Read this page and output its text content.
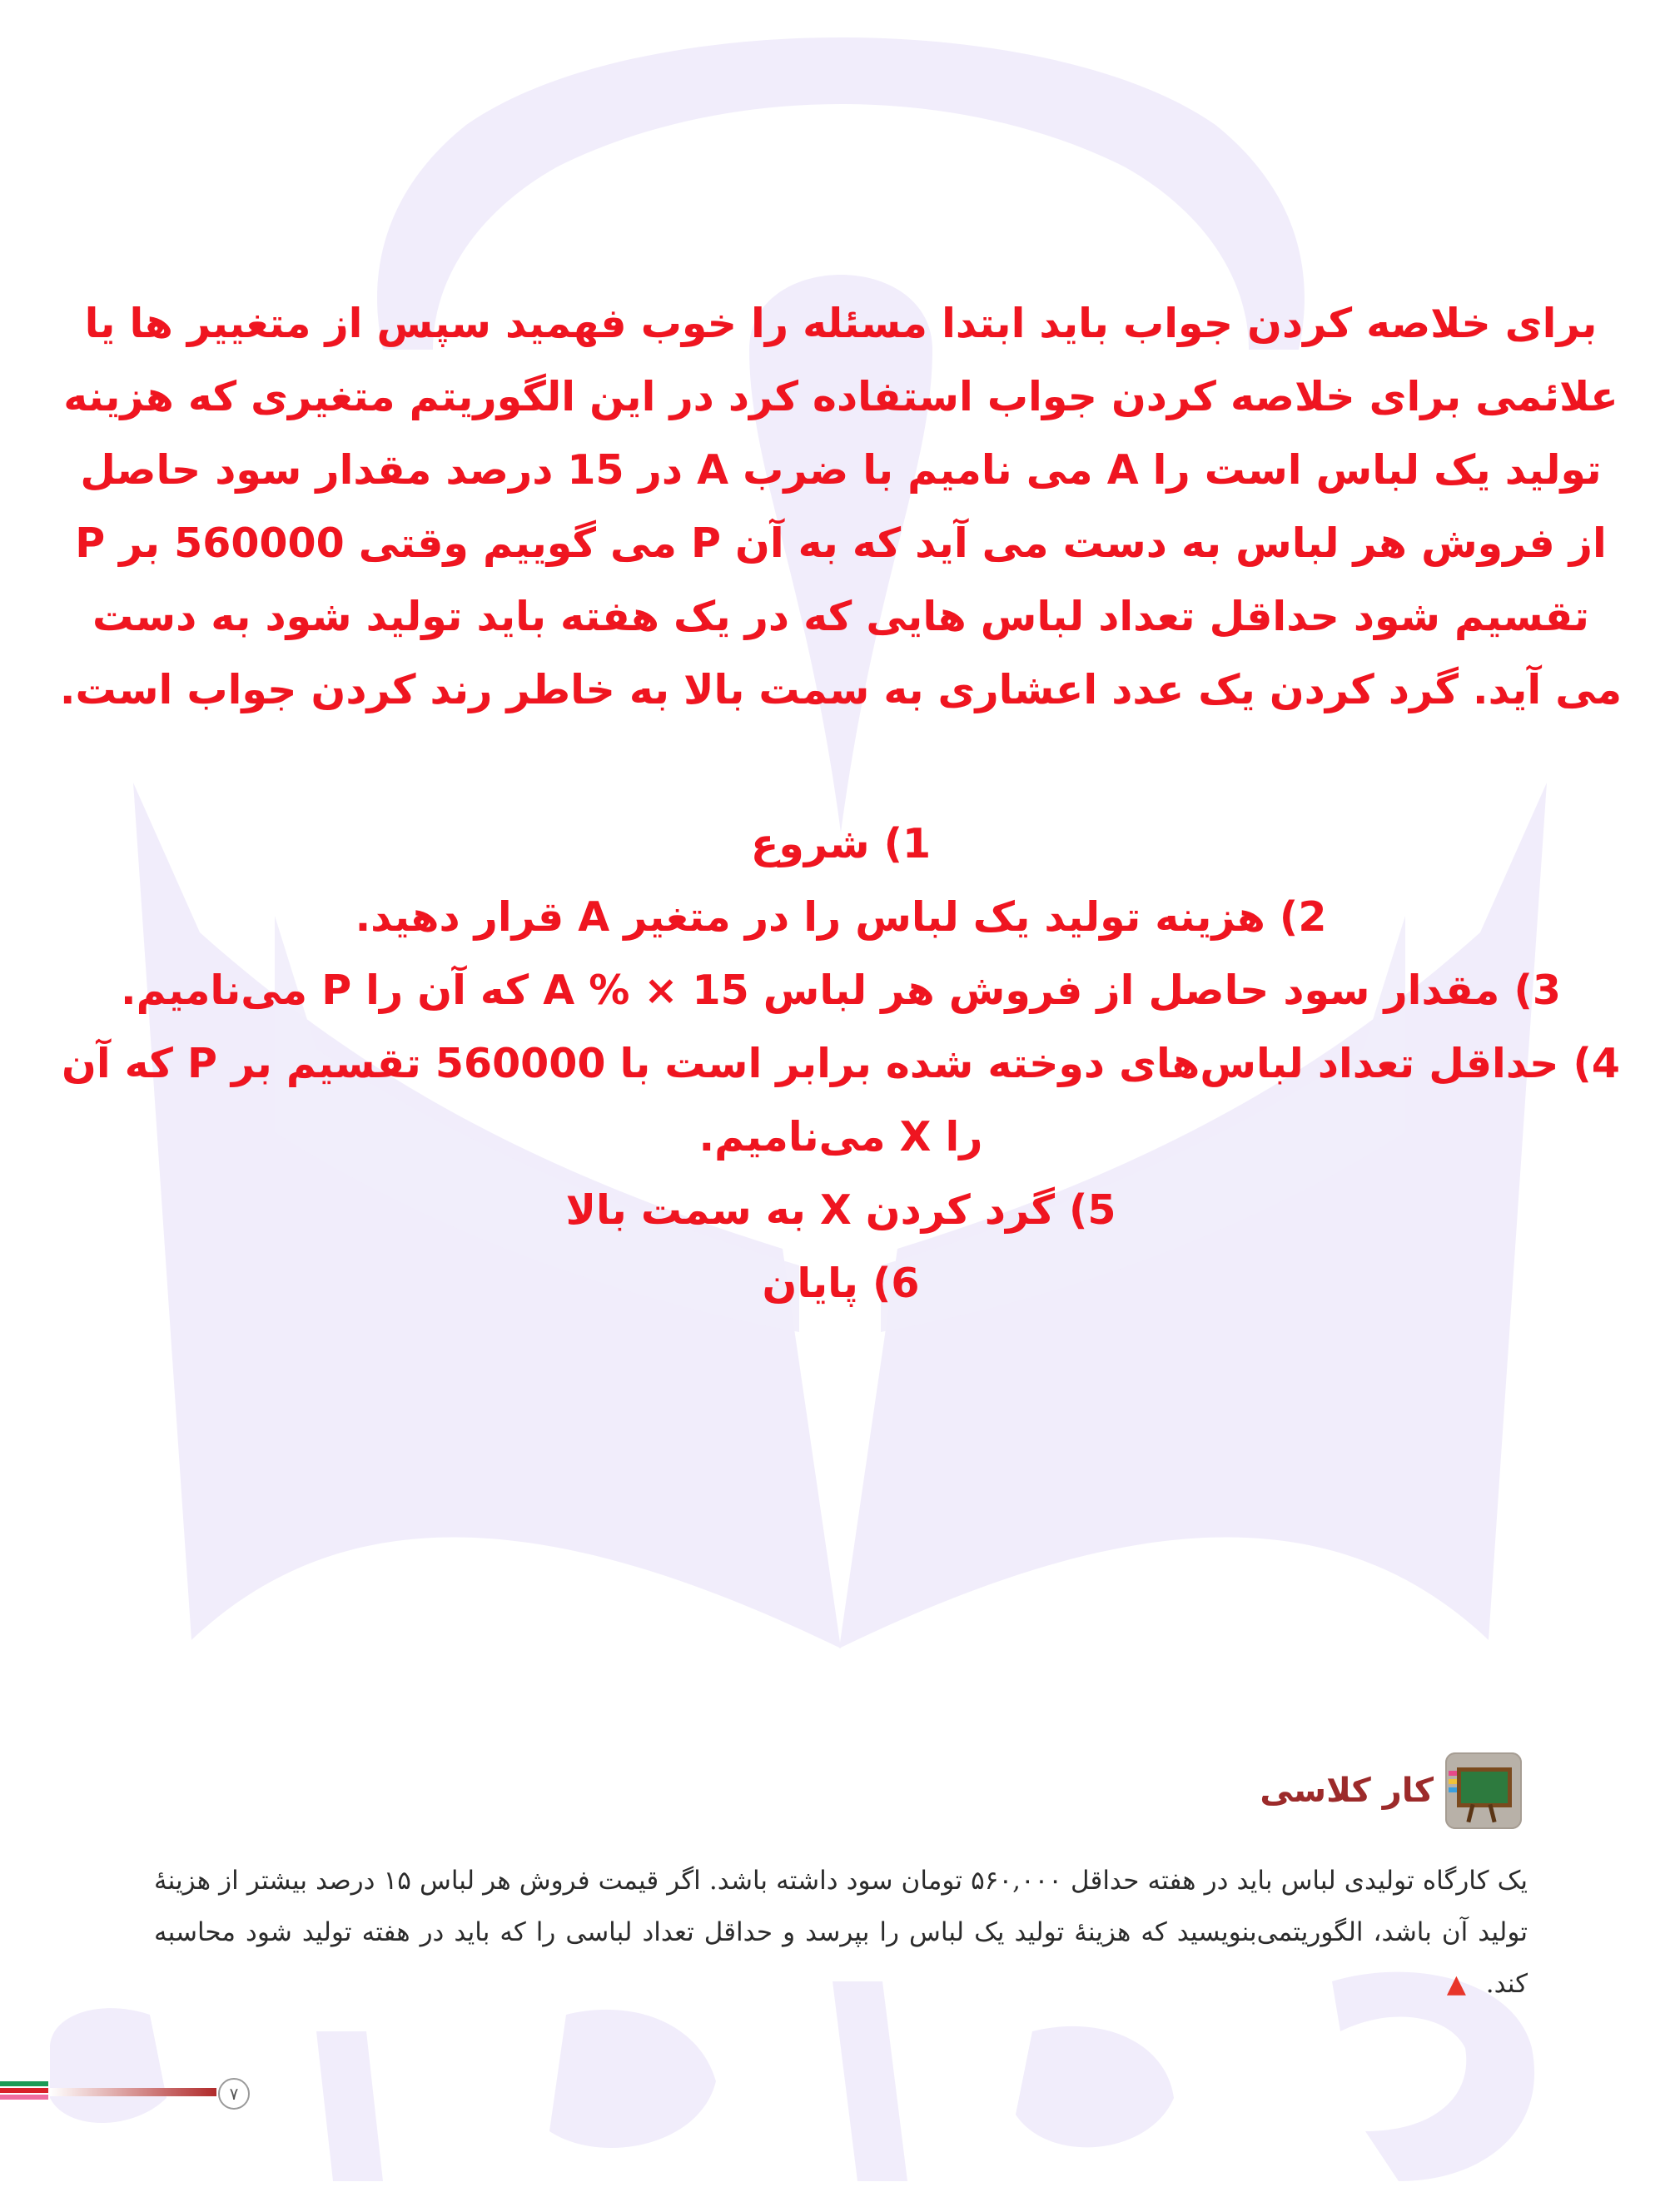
برای خلاصه کردن جواب باید ابتدا مسئله را خوب فهمید سپس از متغییر ها یا علائمی برای خلاصه کردن جواب استفاده کرد در این الگوریتم متغیری که هزینه تولید یک لباس است را A می نامیم با ضرب A در 15 درصد مقدار سود حاصل از فروش هر لباس به دست می آید که به آن P می گوییم وقتی 560000 بر P تقسیم شود حداقل تعداد لباس هایی که در یک هفته باید تولید شود به دست می آید. گرد کردن یک عدد اعشاری به سمت بالا به خاطر رند کردن جواب است.

1) شروع
2) هزینه تولید یک لباس را در متغیر A قرار دهید.
3) مقدار سود حاصل از فروش هر لباس 15 × % A که آن را P می‌نامیم.
4) حداقل تعداد لباس‌های دوخته شده برابر است با 560000 تقسیم بر P که آن را X می‌نامیم.
5) گرد کردن X به سمت بالا
6) پایان
کار کلاسی

یک کارگاه تولیدی لباس باید در هفته حداقل ۵۶۰,۰۰۰ تومان سود داشته باشد. اگر قیمت فروش هر لباس ۱۵ درصد بیشتر از هزینهٔ تولید آن باشد، الگوریتمی‌بنویسید که هزینهٔ تولید یک لباس را بپرسد و حداقل تعداد لباسی را که باید در هفته تولید شود محاسبه کند. ▲

۷
